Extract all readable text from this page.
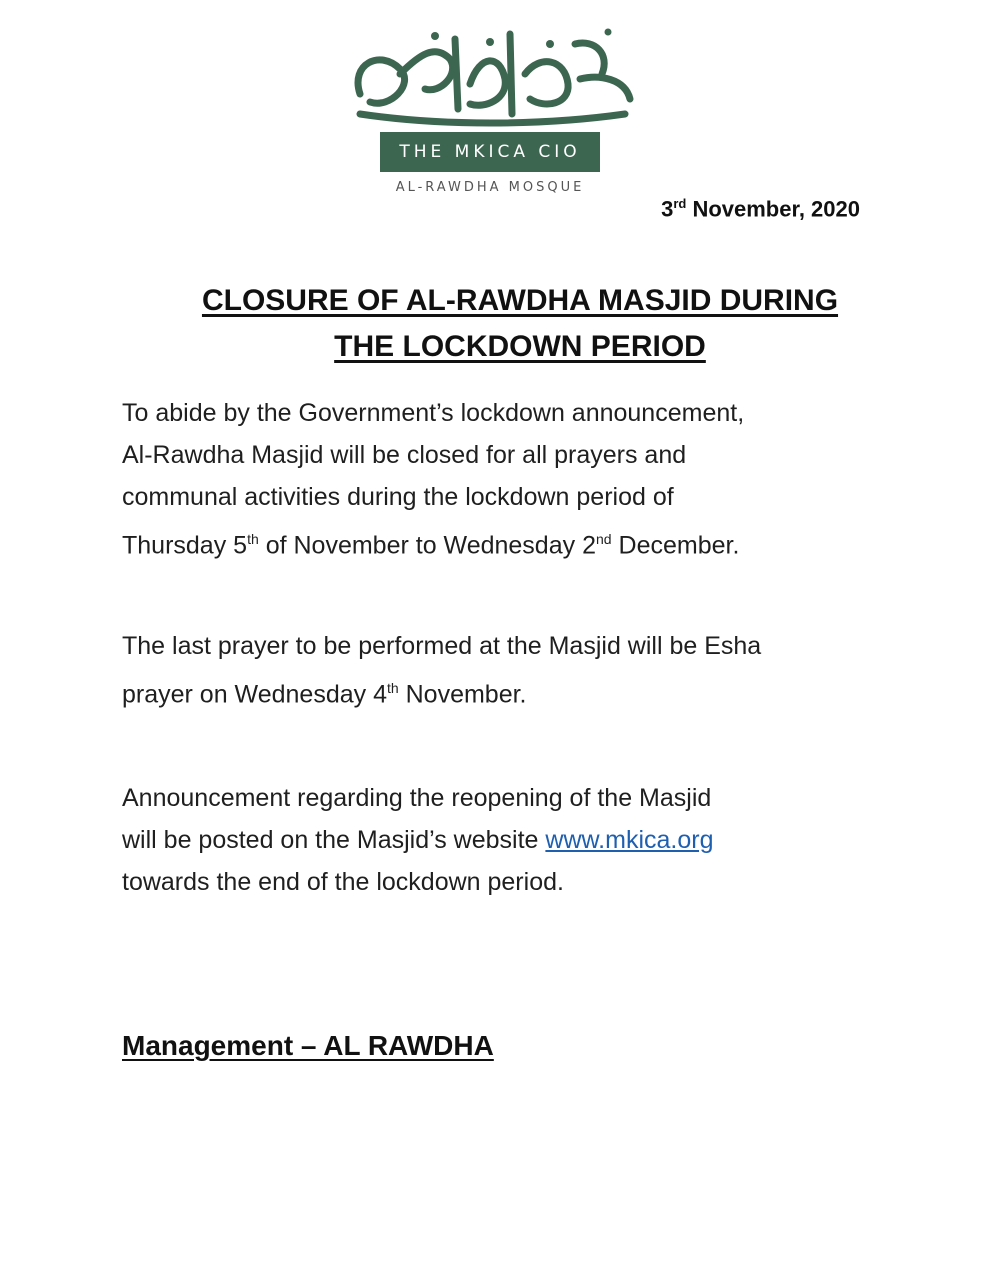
مسجد الروضة
THE MKICA CIO
AL-RAWDHA MOSQUE
3rd November, 2020
CLOSURE OF AL-RAWDHA MASJID DURING
THE LOCKDOWN PERIOD
To abide by the Government’s lockdown announcement,
Al-Rawdha Masjid will be closed for all prayers and
communal activities during the lockdown period of
Thursday 5th of November to Wednesday 2nd December.
The last prayer to be performed at the Masjid will be Esha
prayer on Wednesday 4th November.
Announcement regarding the reopening of the Masjid
will be posted on the Masjid’s website www.mkica.org
towards the end of the lockdown period.
Management – AL RAWDHA
